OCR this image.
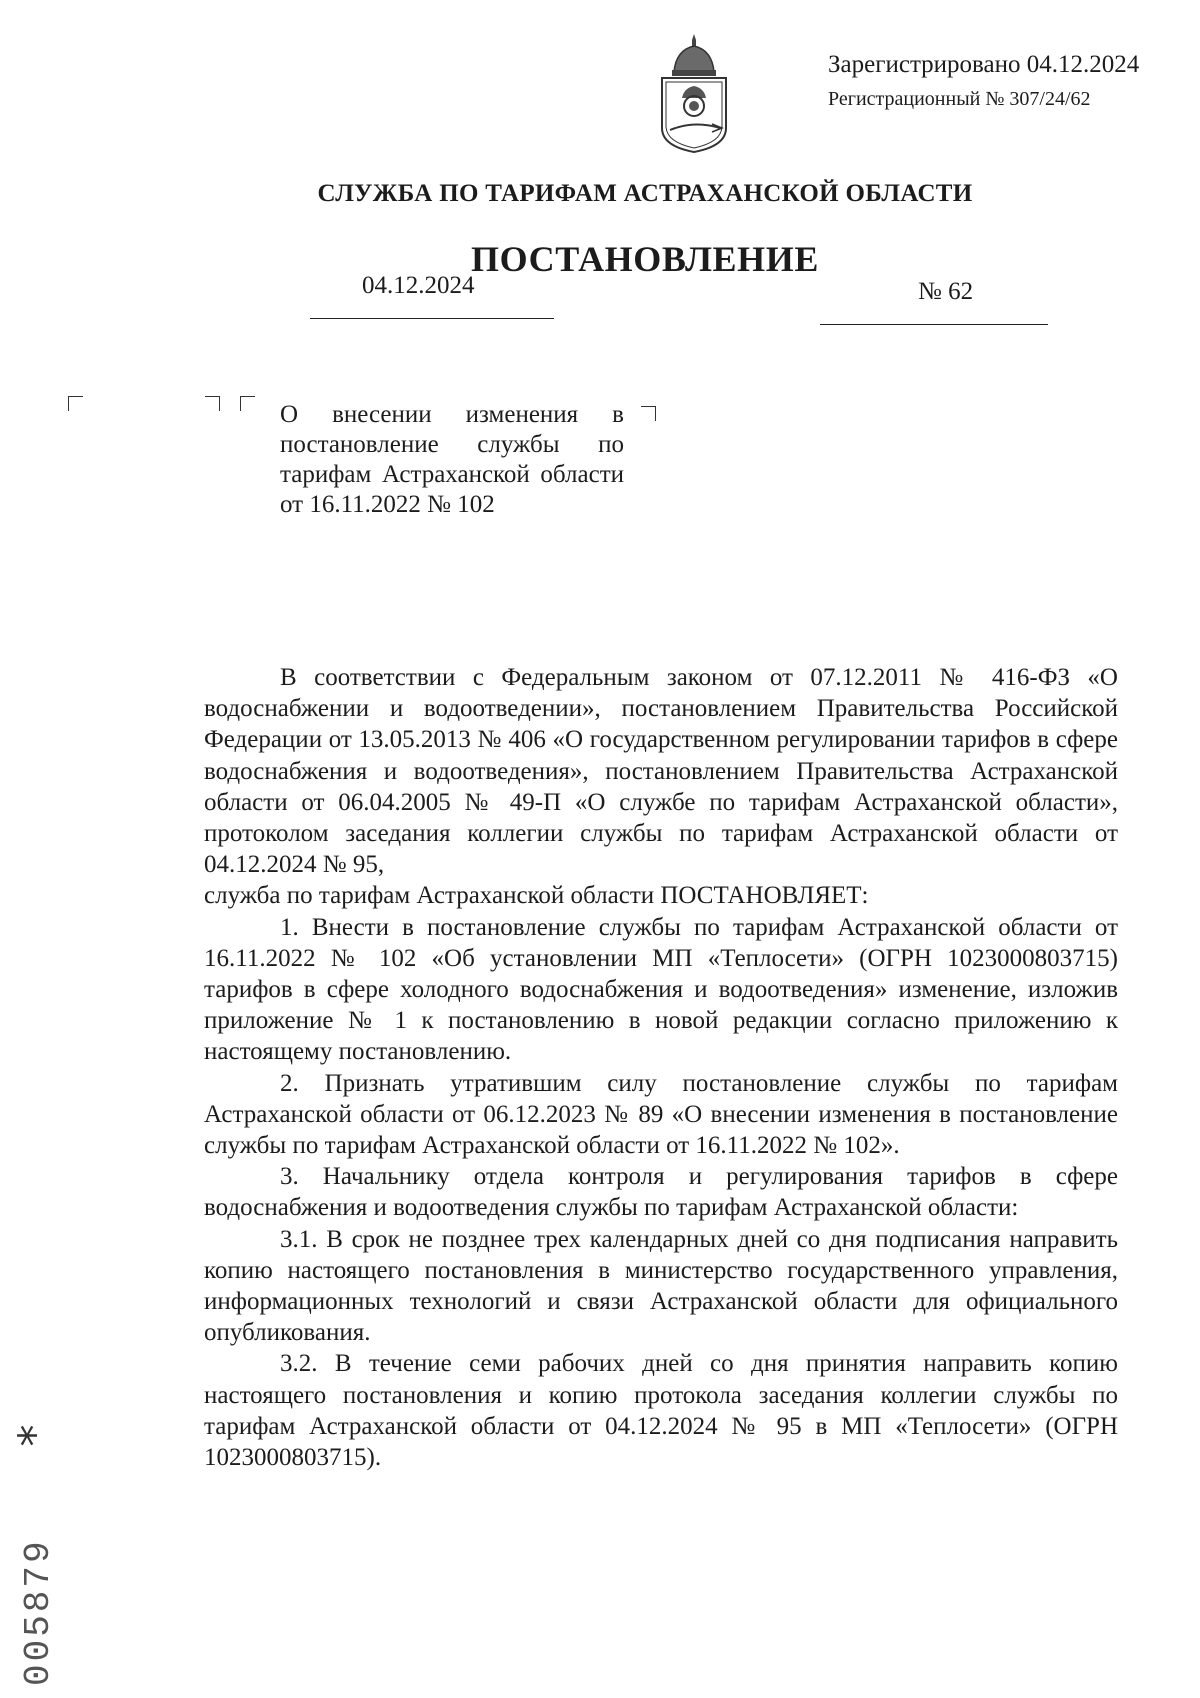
Зарегистрировано 04.12.2024
Регистрационный № 307/24/62
СЛУЖБА ПО ТАРИФАМ АСТРАХАНСКОЙ ОБЛАСТИ
ПОСТАНОВЛЕНИЕ
04.12.2024	№ 62
О внесении изменения в постановление службы по тарифам Астраханской области от 16.11.2022 № 102

В соответствии с Федеральным законом от 07.12.2011 № 416-ФЗ «О водоснабжении и водоотведении», постановлением Правительства Российской Федерации от 13.05.2013 № 406 «О государственном регулировании тарифов в сфере водоснабжения и водоотведения», постановлением Правительства Астраханской области от 06.04.2005 № 49-П «О службе по тарифам Астраханской области», протоколом заседания коллегии службы по тарифам Астраханской области от 04.12.2024 № 95,

служба по тарифам Астраханской области ПОСТАНОВЛЯЕТ:

1. Внести в постановление службы по тарифам Астраханской области от 16.11.2022 № 102 «Об установлении МП «Теплосети» (ОГРН 1023000803715) тарифов в сфере холодного водоснабжения и водоотведения» изменение, изложив приложение № 1 к постановлению в новой редакции согласно приложению к настоящему постановлению.

2. Признать утратившим силу постановление службы по тарифам Астраханской области от 06.12.2023 № 89 «О внесении изменения в постановление службы по тарифам Астраханской области от 16.11.2022 № 102».

3. Начальнику отдела контроля и регулирования тарифов в сфере водоснабжения и водоотведения службы по тарифам Астраханской области:

3.1. В срок не позднее трех календарных дней со дня подписания направить копию настоящего постановления в министерство государственного управления, информационных технологий и связи Астраханской области для официального опубликования.

3.2. В течение семи рабочих дней со дня принятия направить копию настоящего постановления и копию протокола заседания коллегии службы по тарифам Астраханской области от 04.12.2024 № 95 в МП «Теплосети» (ОГРН 1023000803715).

005879
*
